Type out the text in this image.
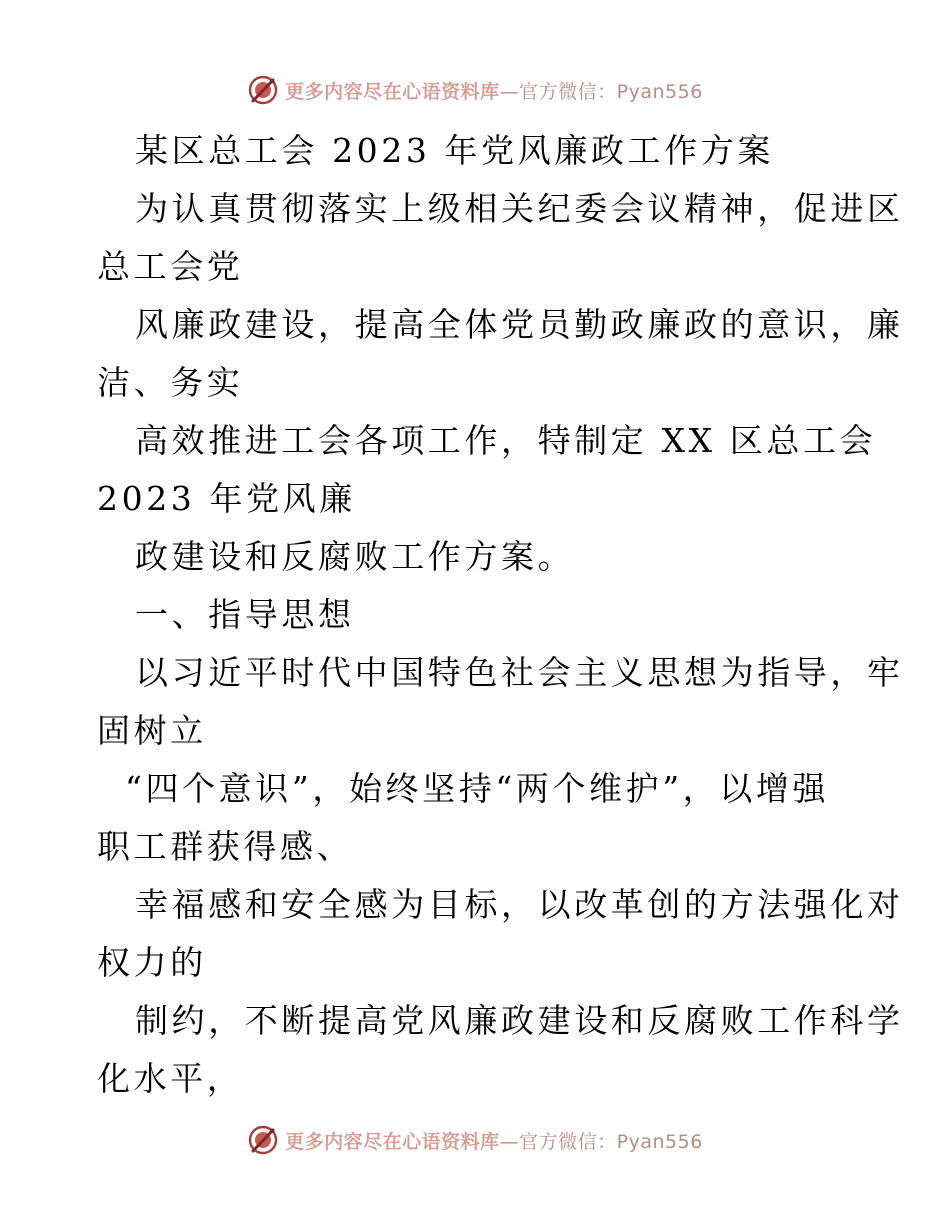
更多内容尽在心语资料库—官方微信：Pyan556
某区总工会 2023 年党风廉政工作方案
为认真贯彻落实上级相关纪委会议精神，促进区
总工会党
风廉政建设，提高全体党员勤政廉政的意识，廉
洁、务实
高效推进工会各项工作，特制定 XX 区总工会
2023 年党风廉
政建设和反腐败工作方案。
一、指导思想
以习近平时代中国特色社会主义思想为指导，牢
固树立
“四个意识”，始终坚持“两个维护”，以增强
职工群获得感、
幸福感和安全感为目标，以改革创的方法强化对
权力的
制约，不断提高党风廉政建设和反腐败工作科学
化水平，
更多内容尽在心语资料库—官方微信：Pyan556
